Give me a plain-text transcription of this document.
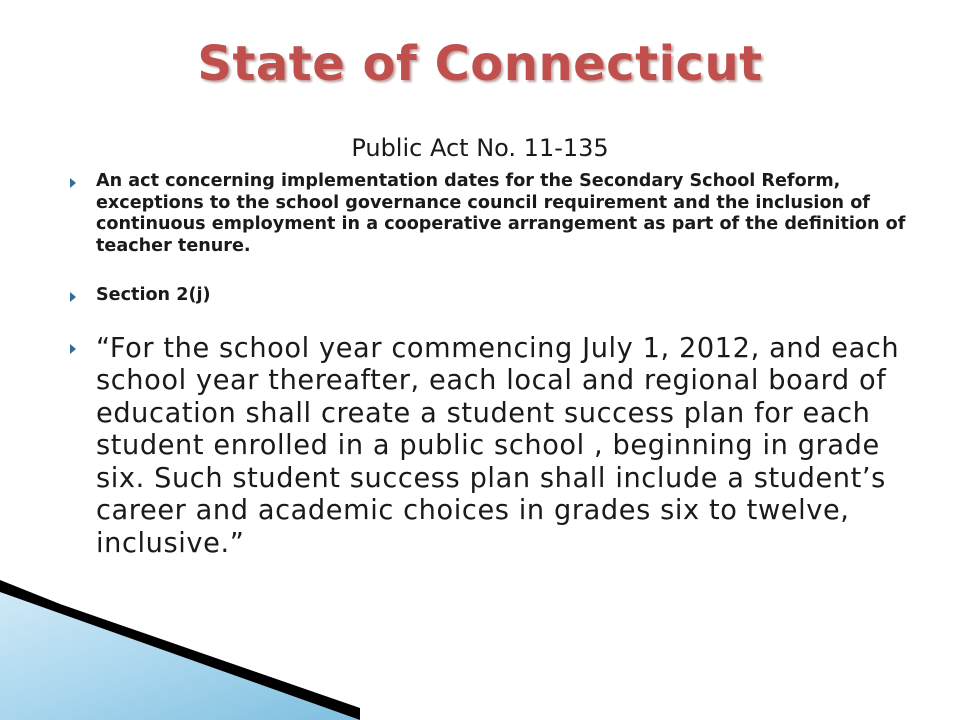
State of Connecticut

Public Act No. 11-135

An act concerning implementation dates for the Secondary School Reform, exceptions to the school governance council requirement and the inclusion of continuous employment in a cooperative arrangement as part of the definition of teacher tenure.
Section 2(j)
“For the school year commencing July 1, 2012, and each school year thereafter, each local and regional board of education shall create a student success plan for each student enrolled in a public school , beginning in grade six. Such student success plan shall include a student’s career and academic choices in grades six to twelve, inclusive.”
